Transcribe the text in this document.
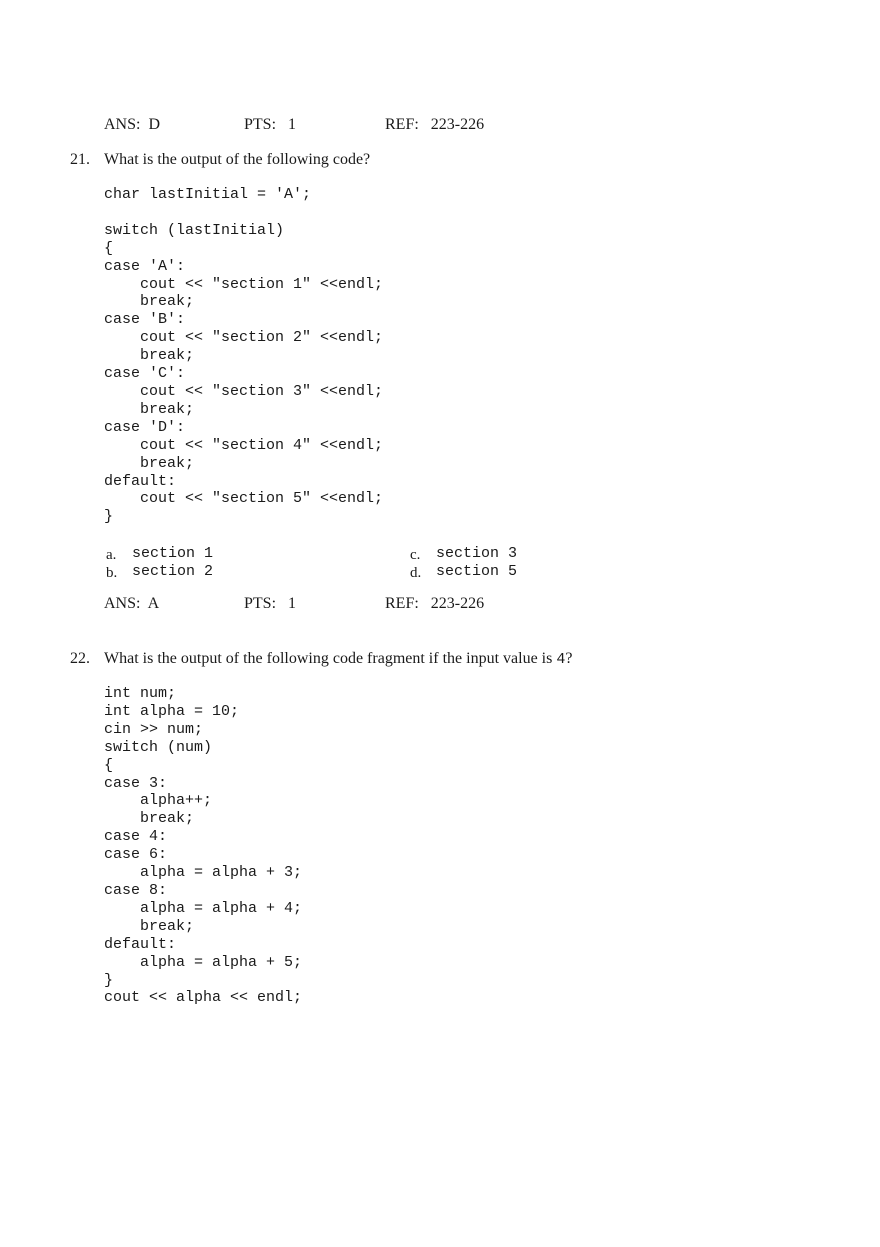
ANS:  D	PTS:   1	REF:   223-226
21. What is the output of the following code?
char lastInitial = 'A';

switch (lastInitial)
{
case 'A':
cout << "section 1" <<endl;
break;
case 'B':
cout << "section 2" <<endl;
break;
case 'C':
cout << "section 3" <<endl;
break;
case 'D':
cout << "section 4" <<endl;
break;
default:
cout << "section 5" <<endl;
}
a. section 1
b. section 2
c. section 3
d. section 5
ANS:  A	PTS:   1	REF:   223-226
22. What is the output of the following code fragment if the input value is 4?
int num;
int alpha = 10;
cin >> num;
switch (num)
{
case 3:
alpha++;
break;
case 4:
case 6:
alpha = alpha + 3;
case 8:
alpha = alpha + 4;
break;
default:
alpha = alpha + 5;
}
cout << alpha << endl;
